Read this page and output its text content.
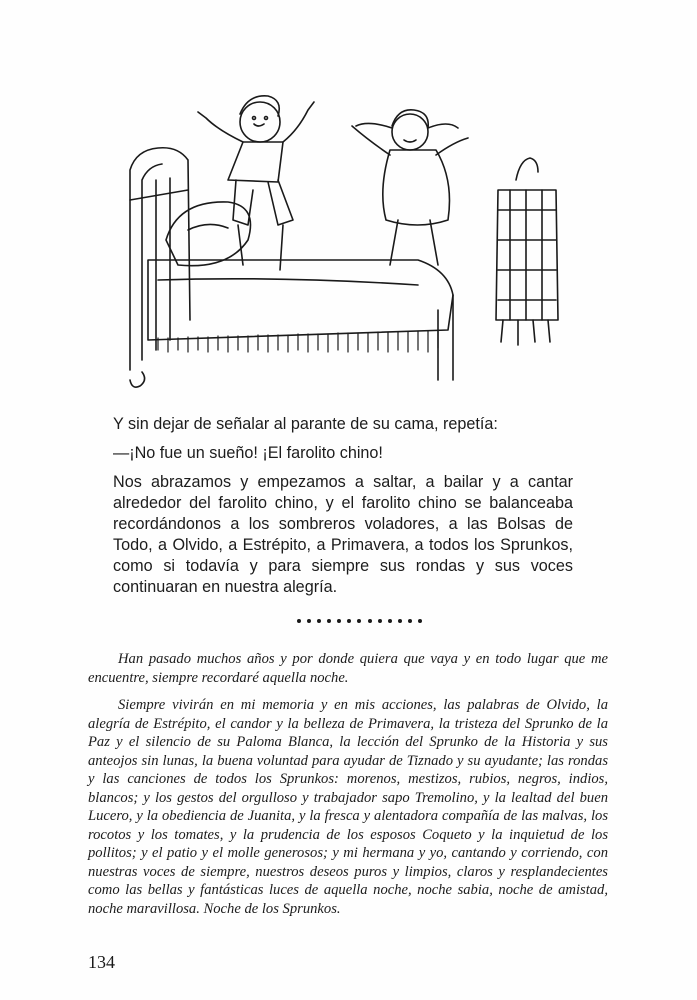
Y sin dejar de señalar al parante de su cama, repetía:

—¡No fue un sueño! ¡El farolito chino!

Nos abrazamos y empezamos a saltar, a bailar y a cantar alrededor del farolito chino, y el farolito chino se balanceaba recordándonos a los sombreros voladores, a las Bolsas de Todo, a Olvido, a Estrépito, a Primavera, a todos los Sprunkos, como si todavía y para siempre sus rondas y sus voces continuaran en nuestra alegría.

Han pasado muchos años y por donde quiera que vaya y en todo lugar que me encuentre, siempre recordaré aquella noche.

Siempre vivirán en mi memoria y en mis acciones, las palabras de Olvido, la alegría de Estrépito, el candor y la belleza de Primavera, la tristeza del Sprunko de la Paz y el silencio de su Paloma Blanca, la lección del Sprunko de la Historia y sus anteojos sin lunas, la buena voluntad para ayudar de Tiznado y su ayudante; las rondas y las canciones de todos los Sprunkos: morenos, mestizos, rubios, negros, indios, blancos; y los gestos del orgulloso y trabajador sapo Tremolino, y la lealtad del buen Lucero, y la obediencia de Juanita, y la fresca y alentadora compañía de las malvas, los rocotos y los tomates, y la prudencia de los esposos Coqueto y la inquietud de los pollitos; y el patio y el molle generosos; y mi hermana y yo, cantando y corriendo, con nuestras voces de siempre, nuestros deseos puros y limpios, claros y resplandecientes como las bellas y fantásticas luces de aquella noche, noche sabia, noche de amistad, noche maravillosa. Noche de los Sprunkos.

134
